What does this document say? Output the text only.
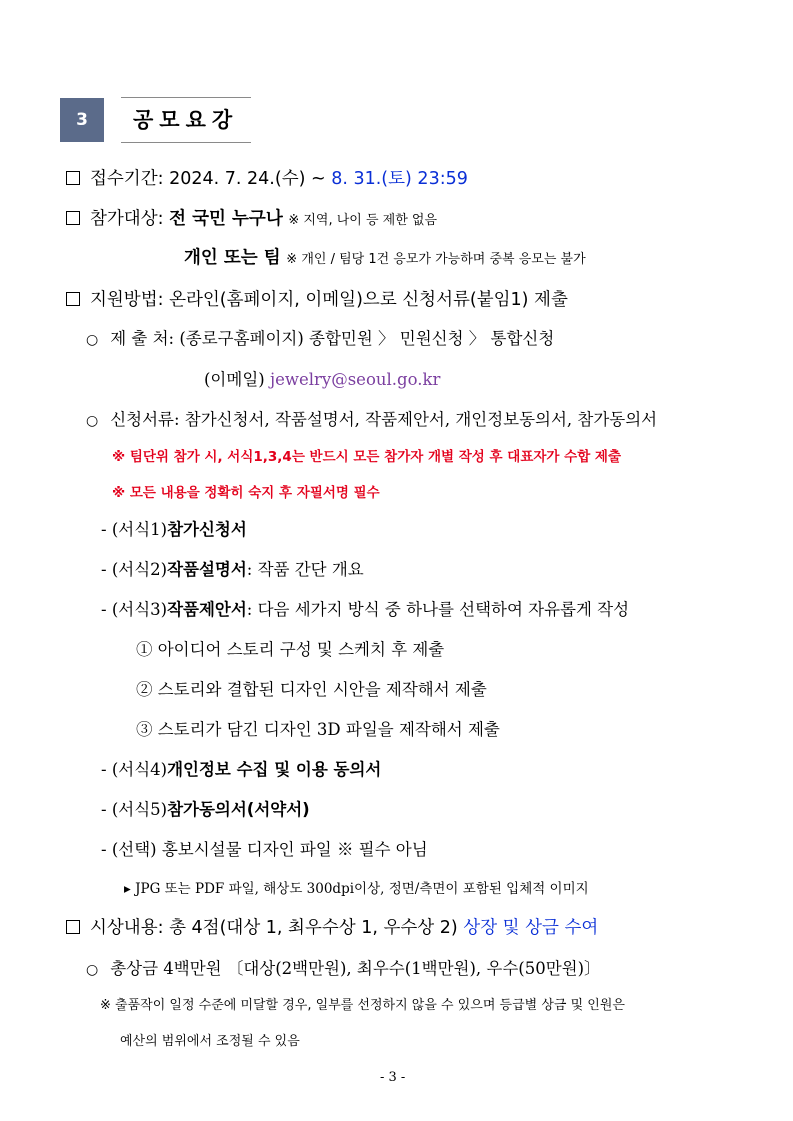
3	공모요강
접수기간: 2024. 7. 24.(수) ~ 8. 31.(토) 23:59
참가대상: 전 국민 누구나 ※ 지역, 나이 등 제한 없음
개인 또는 팀 ※ 개인 / 팀당 1건 응모가 가능하며 중복 응모는 불가
지원방법: 온라인(홈페이지, 이메일)으로 신청서류(붙임1) 제출
○ 제 출 처: (종로구홈페이지) 종합민원 〉 민원신청 〉 통합신청
(이메일) jewelry@seoul.go.kr
○ 신청서류: 참가신청서, 작품설명서, 작품제안서, 개인정보동의서, 참가동의서
※ 팀단위 참가 시, 서식1,3,4는 반드시 모든 참가자 개별 작성 후 대표자가 수합 제출
※ 모든 내용을 정확히 숙지 후 자필서명 필수
- (서식1)참가신청서
- (서식2)작품설명서: 작품 간단 개요
- (서식3)작품제안서: 다음 세가지 방식 중 하나를 선택하여 자유롭게 작성
① 아이디어 스토리 구성 및 스케치 후 제출
② 스토리와 결합된 디자인 시안을 제작해서 제출
③ 스토리가 담긴 디자인 3D 파일을 제작해서 제출
- (서식4)개인정보 수집 및 이용 동의서
- (서식5)참가동의서(서약서)
- (선택) 홍보시설물 디자인 파일 ※ 필수 아님
▸ JPG 또는 PDF 파일, 해상도 300dpi이상, 정면/측면이 포함된 입체적 이미지
시상내용: 총 4점(대상 1, 최우수상 1, 우수상 2) 상장 및 상금 수여
○ 총상금 4백만원 〔대상(2백만원), 최우수(1백만원), 우수(50만원)〕
※ 출품작이 일정 수준에 미달할 경우, 일부를 선정하지 않을 수 있으며 등급별 상금 및 인원은
예산의 범위에서 조정될 수 있음
- 3 -
